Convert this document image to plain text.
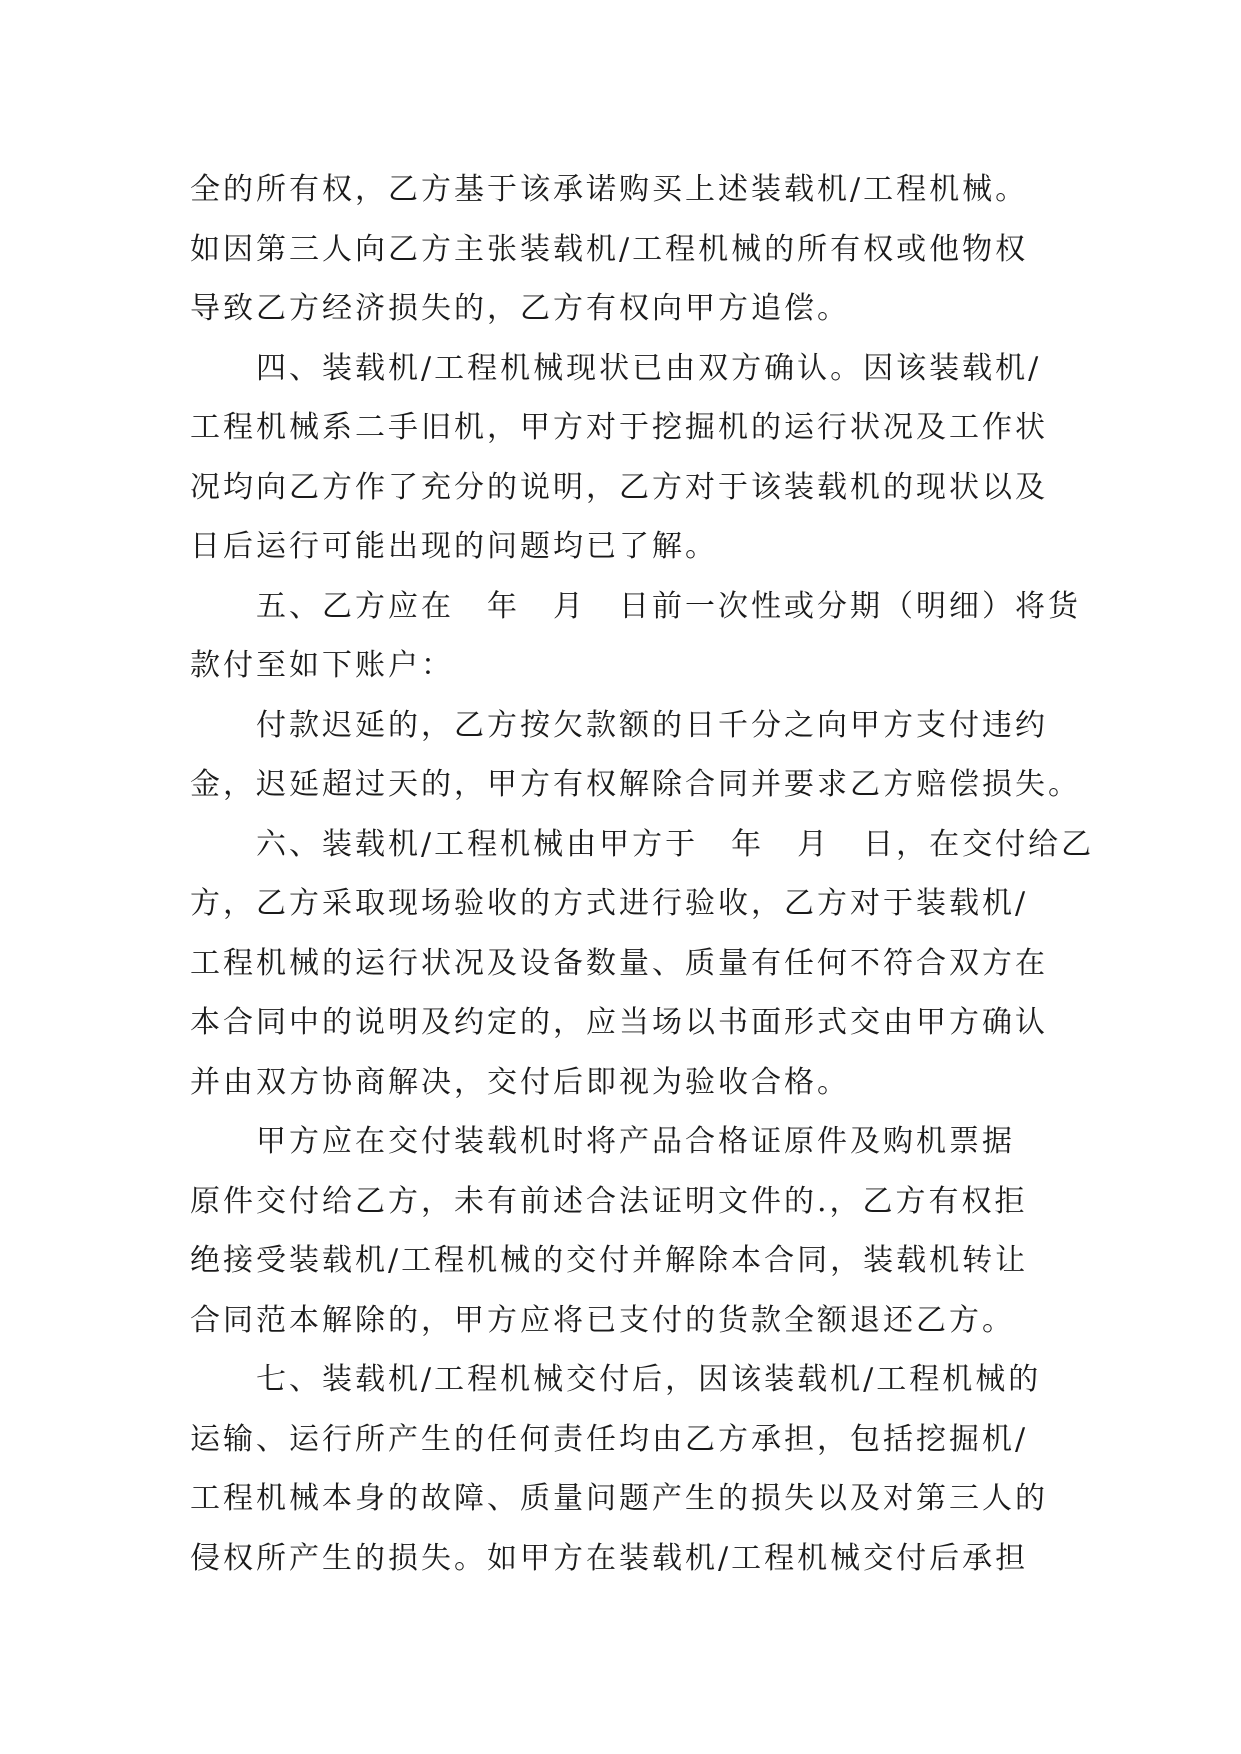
全的所有权，乙方基于该承诺购买上述装载机/工程机械。
如因第三人向乙方主张装载机/工程机械的所有权或他物权
导致乙方经济损失的，乙方有权向甲方追偿。
　　四、装载机/工程机械现状已由双方确认。因该装载机/
工程机械系二手旧机，甲方对于挖掘机的运行状况及工作状
况均向乙方作了充分的说明，乙方对于该装载机的现状以及
日后运行可能出现的问题均已了解。
　　五、乙方应在　年　月　日前一次性或分期（明细）将货
款付至如下账户：
　　付款迟延的，乙方按欠款额的日千分之向甲方支付违约
金，迟延超过天的，甲方有权解除合同并要求乙方赔偿损失。
　　六、装载机/工程机械由甲方于　年　月　日，在交付给乙
方，乙方采取现场验收的方式进行验收，乙方对于装载机/
工程机械的运行状况及设备数量、质量有任何不符合双方在
本合同中的说明及约定的，应当场以书面形式交由甲方确认
并由双方协商解决，交付后即视为验收合格。
　　甲方应在交付装载机时将产品合格证原件及购机票据
原件交付给乙方，未有前述合法证明文件的.，乙方有权拒
绝接受装载机/工程机械的交付并解除本合同，装载机转让
合同范本解除的，甲方应将已支付的货款全额退还乙方。
　　七、装载机/工程机械交付后，因该装载机/工程机械的
运输、运行所产生的任何责任均由乙方承担，包括挖掘机/
工程机械本身的故障、质量问题产生的损失以及对第三人的
侵权所产生的损失。如甲方在装载机/工程机械交付后承担
